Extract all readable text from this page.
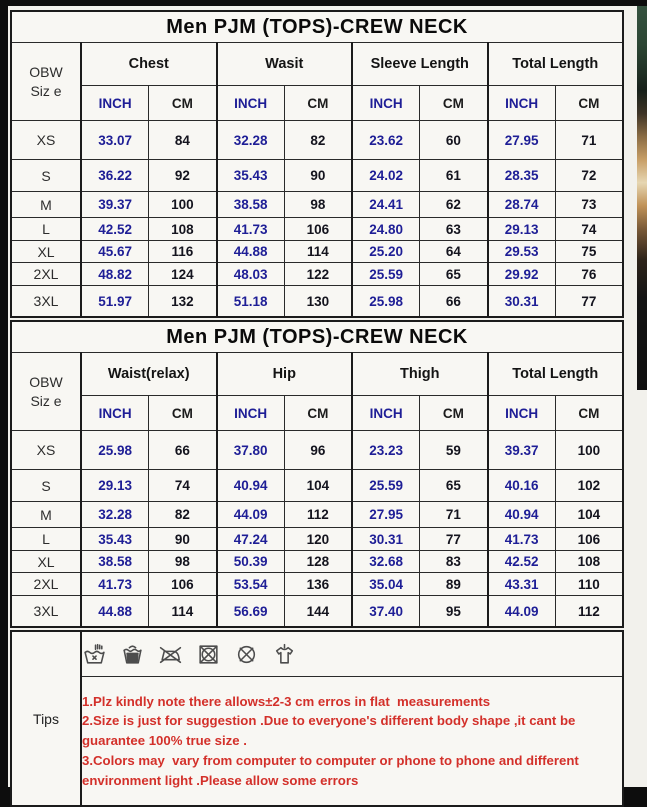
Men PJM (TOPS)-CREW NECK								

OBW
Siz e	Chest		Wasit		Sleeve Length		Total Length	
	INCH	CM	INCH	CM	INCH	CM	INCH	CM
XS	33.07	84	32.28	82	23.62	60	27.95	71
S	36.22	92	35.43	90	24.02	61	28.35	72
M	39.37	100	38.58	98	24.41	62	28.74	73
L	42.52	108	41.73	106	24.80	63	29.13	74
XL	45.67	116	44.88	114	25.20	64	29.53	75
2XL	48.82	124	48.03	122	25.59	65	29.92	76
3XL	51.97	132	51.18	130	25.98	66	30.31	77
Men PJM (TOPS)-CREW NECK								

OBW
Siz e	Waist(relax)		Hip		Thigh		Total Length	
	INCH	CM	INCH	CM	INCH	CM	INCH	CM
XS	25.98	66	37.80	96	23.23	59	39.37	100
S	29.13	74	40.94	104	25.59	65	40.16	102
M	32.28	82	44.09	112	27.95	71	40.94	104
L	35.43	90	47.24	120	30.31	77	41.73	106
XL	38.58	98	50.39	128	32.68	83	42.52	108
2XL	41.73	106	53.54	136	35.04	89	43.31	110
3XL	44.88	114	56.69	144	37.40	95	44.09	112
Tips	

1.Plz kindly note there allows±2-3 cm erros in flat  measurements
2.Size is just for suggestion .Due to everyone's different body shape ,it cant be guarantee 100% true size .
3.Colors may  vary from computer to computer or phone to phone and different environment light .Please allow some errors
